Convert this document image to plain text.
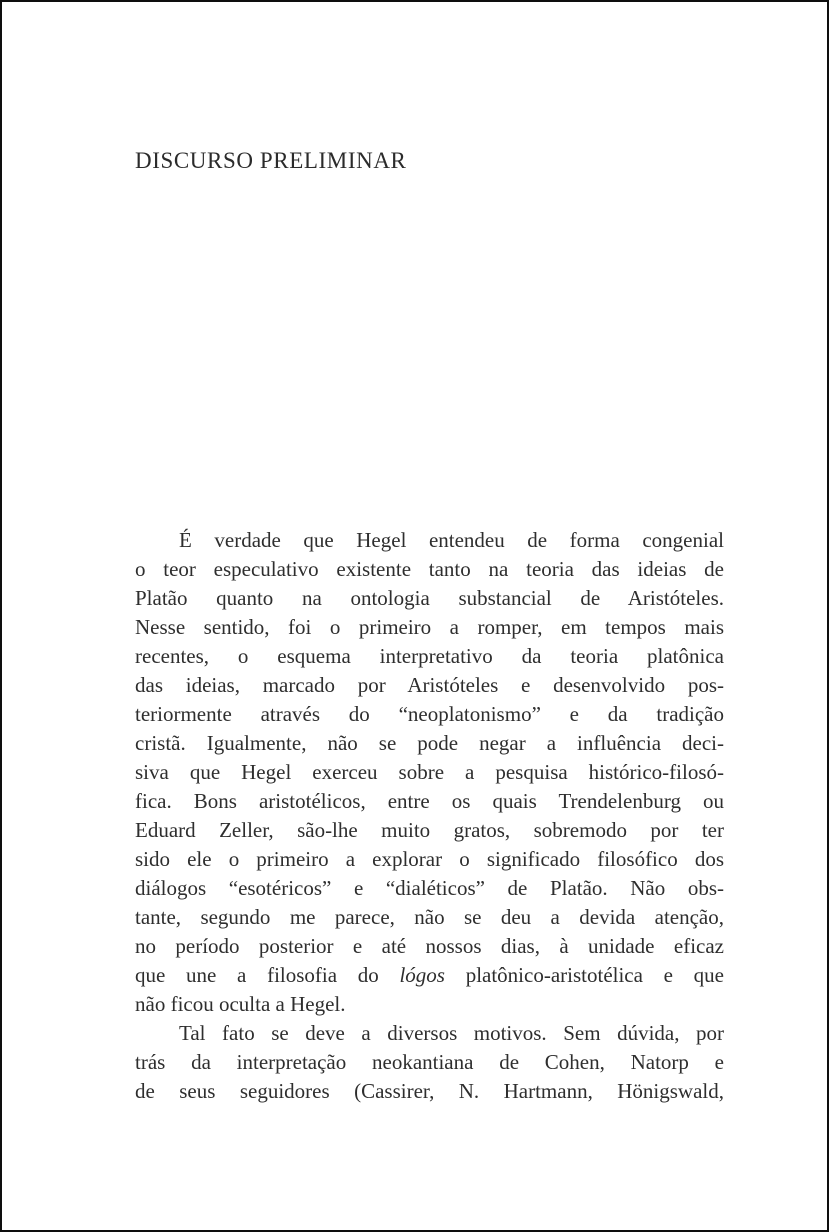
DISCURSO PRELIMINAR
É verdade que Hegel entendeu de forma congenial
o teor especulativo existente tanto na teoria das ideias de
Platão quanto na ontologia substancial de Aristóteles.
Nesse sentido, foi o primeiro a romper, em tempos mais
recentes, o esquema interpretativo da teoria platônica
das ideias, marcado por Aristóteles e desenvolvido pos-
teriormente através do “neoplatonismo” e da tradição
cristã. Igualmente, não se pode negar a influência deci-
siva que Hegel exerceu sobre a pesquisa histórico-filosó-
fica. Bons aristotélicos, entre os quais Trendelenburg ou
Eduard Zeller, são-lhe muito gratos, sobremodo por ter
sido ele o primeiro a explorar o significado filosófico dos
diálogos “esotéricos” e “dialéticos” de Platão. Não obs-
tante, segundo me parece, não se deu a devida atenção,
no período posterior e até nossos dias, à unidade eficaz
que une a filosofia do lógos platônico-aristotélica e que
não ficou oculta a Hegel.
Tal fato se deve a diversos motivos. Sem dúvida, por
trás da interpretação neokantiana de Cohen, Natorp e
de seus seguidores (Cassirer, N. Hartmann, Hönigswald,
